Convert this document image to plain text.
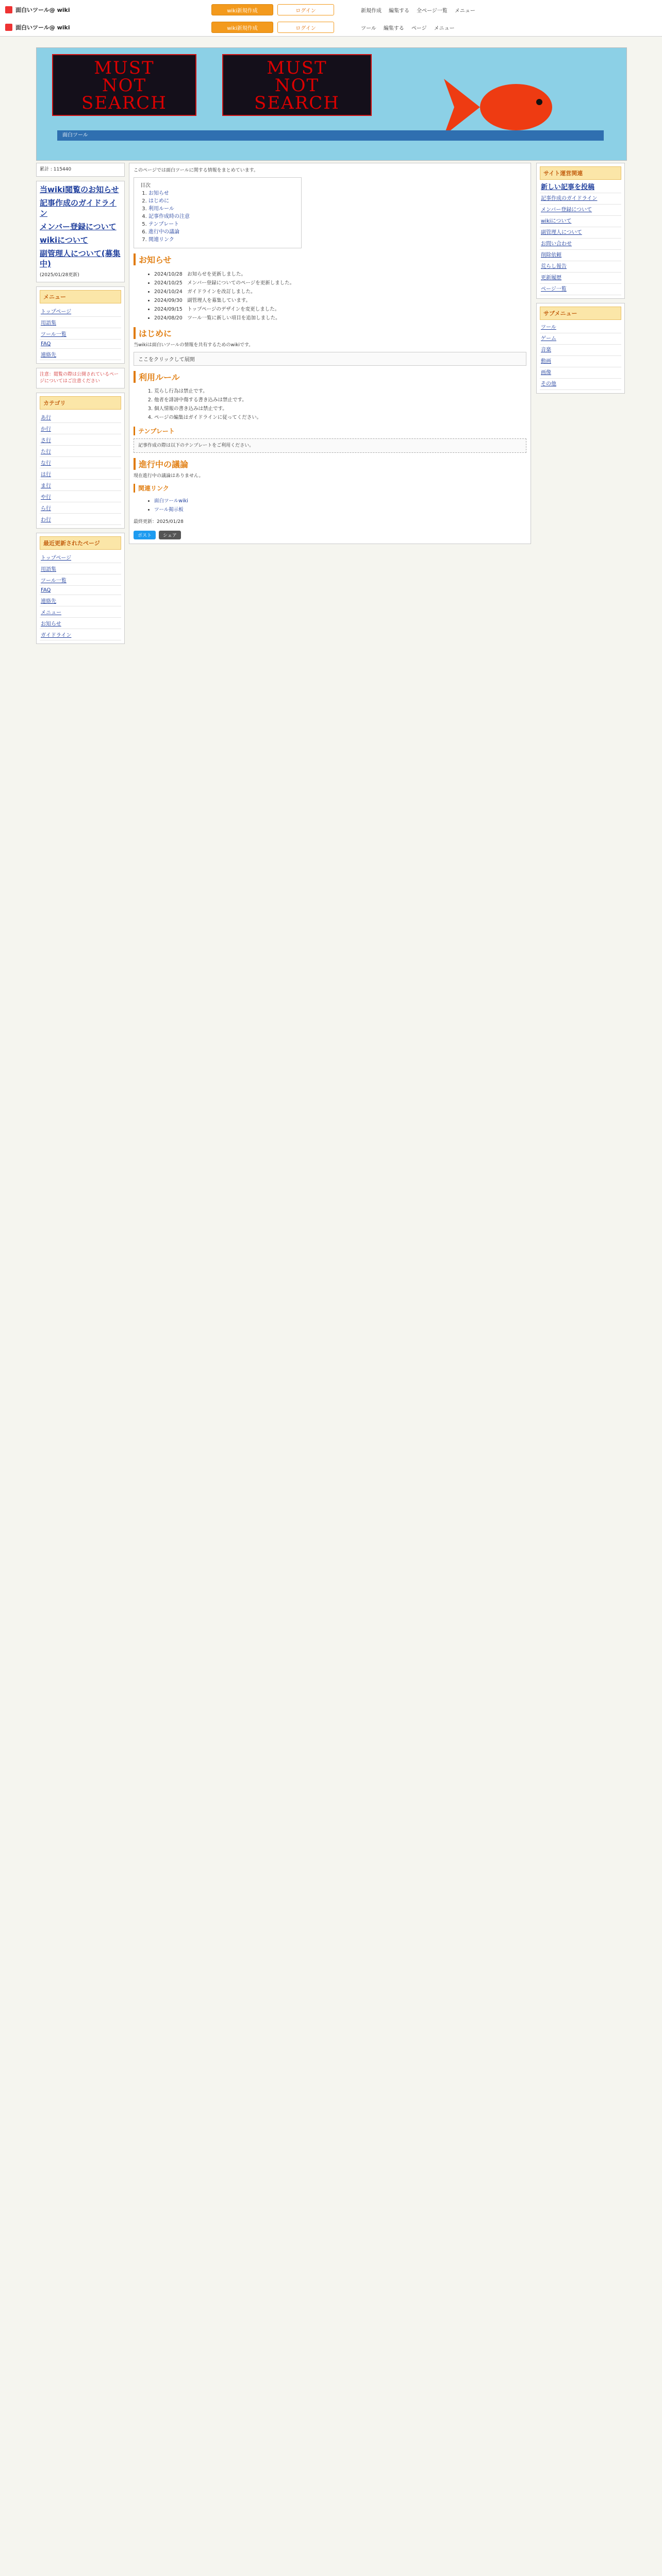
面白いツール@ wiki	wiki新規作成	ログイン	新規作成 編集する 全ページ一覧 メニュー
面白いツール@ wiki	wiki新規作成	ログイン	ツール 編集する ページ メニュー
MUST
NOT
SEARCH
MUST
NOT
SEARCH
面白ツール
累計 : 115440
当wiki閲覧のお知らせ
記事作成のガイドライン
メンバー登録について
wikiについて
副管理人について(募集中)
(2025/01/28更新)
メニュー
トップページ
用語集
ツール一覧
FAQ
連絡先
注意：閲覧の際は公開されているページについてはご注意ください
カテゴリ
あ行
か行
さ行
た行
な行
は行
ま行
や行
ら行
わ行
最近更新されたページ
トップページ
用語集
ツール一覧
FAQ
連絡先
メニュー
お知らせ
ガイドライン
このページでは面白ツールに関する情報をまとめています。
目次
1. お知らせ
2. はじめに
3. 利用ルール
4. 記事作成時の注意
5. テンプレート
6. 進行中の議論
7. 関連リンク
お知らせ
• 2024/10/28　お知らせを更新しました。
• 2024/10/25　メンバー登録についてのページを更新しました。
• 2024/10/24　ガイドラインを改訂しました。
• 2024/09/30　副管理人を募集しています。
• 2024/09/15　トップページのデザインを変更しました。
• 2024/08/20　ツール一覧に新しい項目を追加しました。
はじめに
当wikiは面白いツールの情報を共有するためのwikiです。
ここをクリックして展開
利用ルール
1. 荒らし行為は禁止です。
2. 他者を誹謗中傷する書き込みは禁止です。
3. 個人情報の書き込みは禁止です。
4. ページの編集はガイドラインに従ってください。
テンプレート
記事作成の際は以下のテンプレートをご利用ください。
進行中の議論
現在進行中の議論はありません。
関連リンク
• 面白ツールwiki
• ツール掲示板
最終更新：2025/01/28
ポスト	シェア
サイト運営関連
新しい記事を投稿
記事作成のガイドライン
メンバー登録について
wikiについて
副管理人について
お問い合わせ
削除依頼
荒らし報告
更新履歴
ページ一覧
サブメニュー
ツール
ゲーム
音楽
動画
画像
その他
